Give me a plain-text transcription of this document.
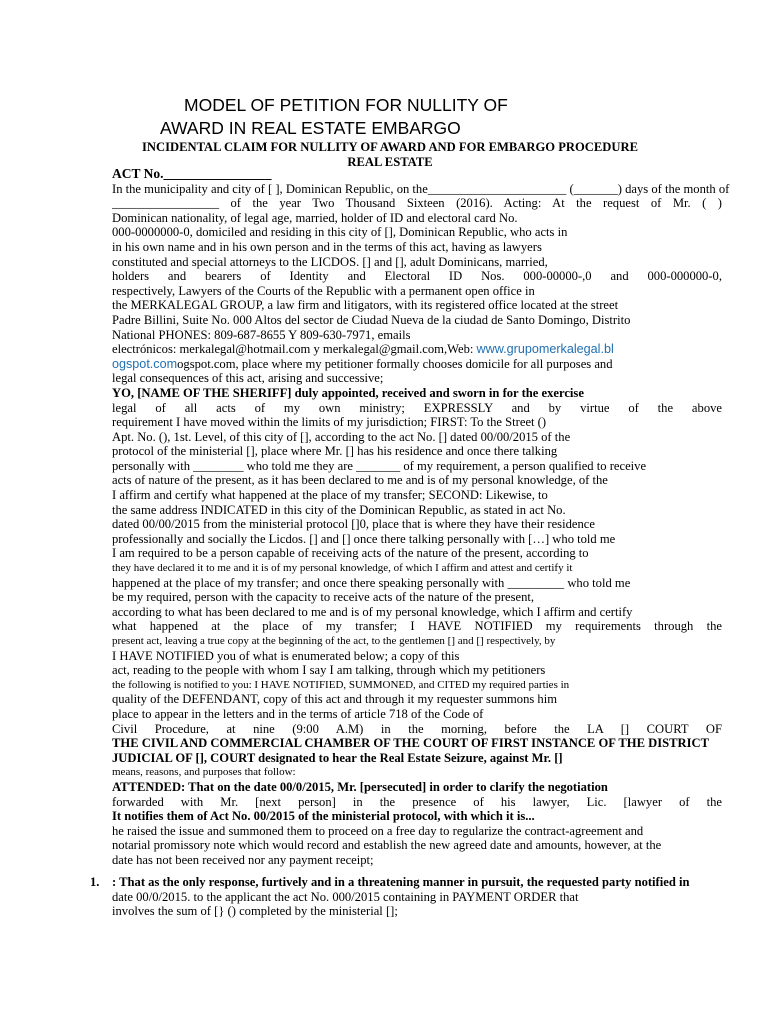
MODEL OF PETITION FOR NULLITY OF
AWARD IN REAL ESTATE EMBARGO
INCIDENTAL CLAIM FOR NULLITY OF AWARD AND FOR EMBARGO PROCEDURE
REAL ESTATE
ACT No.________________
In the municipality and city of [ ], Dominican Republic, on the______________________ (_______) days of the month of
_________________ of the year Two Thousand Sixteen (2016). Acting: At the request of Mr. ( )
Dominican nationality, of legal age, married, holder of ID and electoral card No.
000-0000000-0, domiciled and residing in this city of [], Dominican Republic, who acts in
in his own name and in his own person and in the terms of this act, having as lawyers
constituted and special attorneys to the LICDOS. [] and [], adult Dominicans, married,
holders and bearers of Identity and Electoral ID Nos. 000-00000-,0 and 000-000000-0,
respectively, Lawyers of the Courts of the Republic with a permanent open office in
the MERKALEGAL GROUP, a law firm and litigators, with its registered office located at the street
Padre Billini, Suite No. 000 Altos del sector de Ciudad Nueva de la ciudad de Santo Domingo, Distrito
National PHONES: 809-687-8655 Y 809-630-7971, emails
electrónicos: merkalegal@hotmail.com y merkalegal@gmail.com,Web: www.grupomerkalegal.bl
ogspot.comogspot.com, place where my petitioner formally chooses domicile for all purposes and
legal consequences of this act, arising and successive;
YO, [NAME OF THE SHERIFF] duly appointed, received and sworn in for the exercise
legal of all acts of my own ministry; EXPRESSLY and by virtue of the above
requirement I have moved within the limits of my jurisdiction; FIRST: To the Street ()
Apt. No. (), 1st. Level, of this city of [], according to the act No. [] dated 00/00/2015 of the
protocol of the ministerial [], place where Mr. [] has his residence and once there talking
personally with ________ who told me they are _______ of my requirement, a person qualified to receive
acts of nature of the present, as it has been declared to me and is of my personal knowledge, of the
I affirm and certify what happened at the place of my transfer; SECOND: Likewise, to
the same address INDICATED in this city of the Dominican Republic, as stated in act No.
dated 00/00/2015 from the ministerial protocol []0, place that is where they have their residence
professionally and socially the Licdos. [] and [] once there talking personally with […] who told me
I am required to be a person capable of receiving acts of the nature of the present, according to
they have declared it to me and it is of my personal knowledge, of which I affirm and attest and certify it
happened at the place of my transfer; and once there speaking personally with _________ who told me
be my required, person with the capacity to receive acts of the nature of the present,
according to what has been declared to me and is of my personal knowledge, which I affirm and certify
what happened at the place of my transfer; I HAVE NOTIFIED my requirements through the
present act, leaving a true copy at the beginning of the act, to the gentlemen [] and [] respectively, by
I HAVE NOTIFIED you of what is enumerated below; a copy of this
act, reading to the people with whom I say I am talking, through which my petitioners
the following is notified to you: I HAVE NOTIFIED, SUMMONED, and CITED my required parties in
quality of the DEFENDANT, copy of this act and through it my requester summons him
place to appear in the letters and in the terms of article 718 of the Code of
Civil Procedure, at nine (9:00 A.M) in the morning, before the LA [] COURT OF
THE CIVIL AND COMMERCIAL CHAMBER OF THE COURT OF FIRST INSTANCE OF THE DISTRICT
JUDICIAL OF [], COURT designated to hear the Real Estate Seizure, against Mr. []
means, reasons, and purposes that follow:
ATTENDED: That on the date 00/0/2015, Mr. [persecuted] in order to clarify the negotiation
forwarded with Mr. [next person] in the presence of his lawyer, Lic. [lawyer of the
It notifies them of Act No. 00/2015 of the ministerial protocol, with which it is...
he raised the issue and summoned them to proceed on a free day to regularize the contract-agreement and
notarial promissory note which would record and establish the new agreed date and amounts, however, at the
date has not been received nor any payment receipt;
1. : That as the only response, furtively and in a threatening manner in pursuit, the requested party notified in
date 00/0/2015. to the applicant the act No. 000/2015 containing in PAYMENT ORDER that
involves the sum of [} () completed by the ministerial [];
